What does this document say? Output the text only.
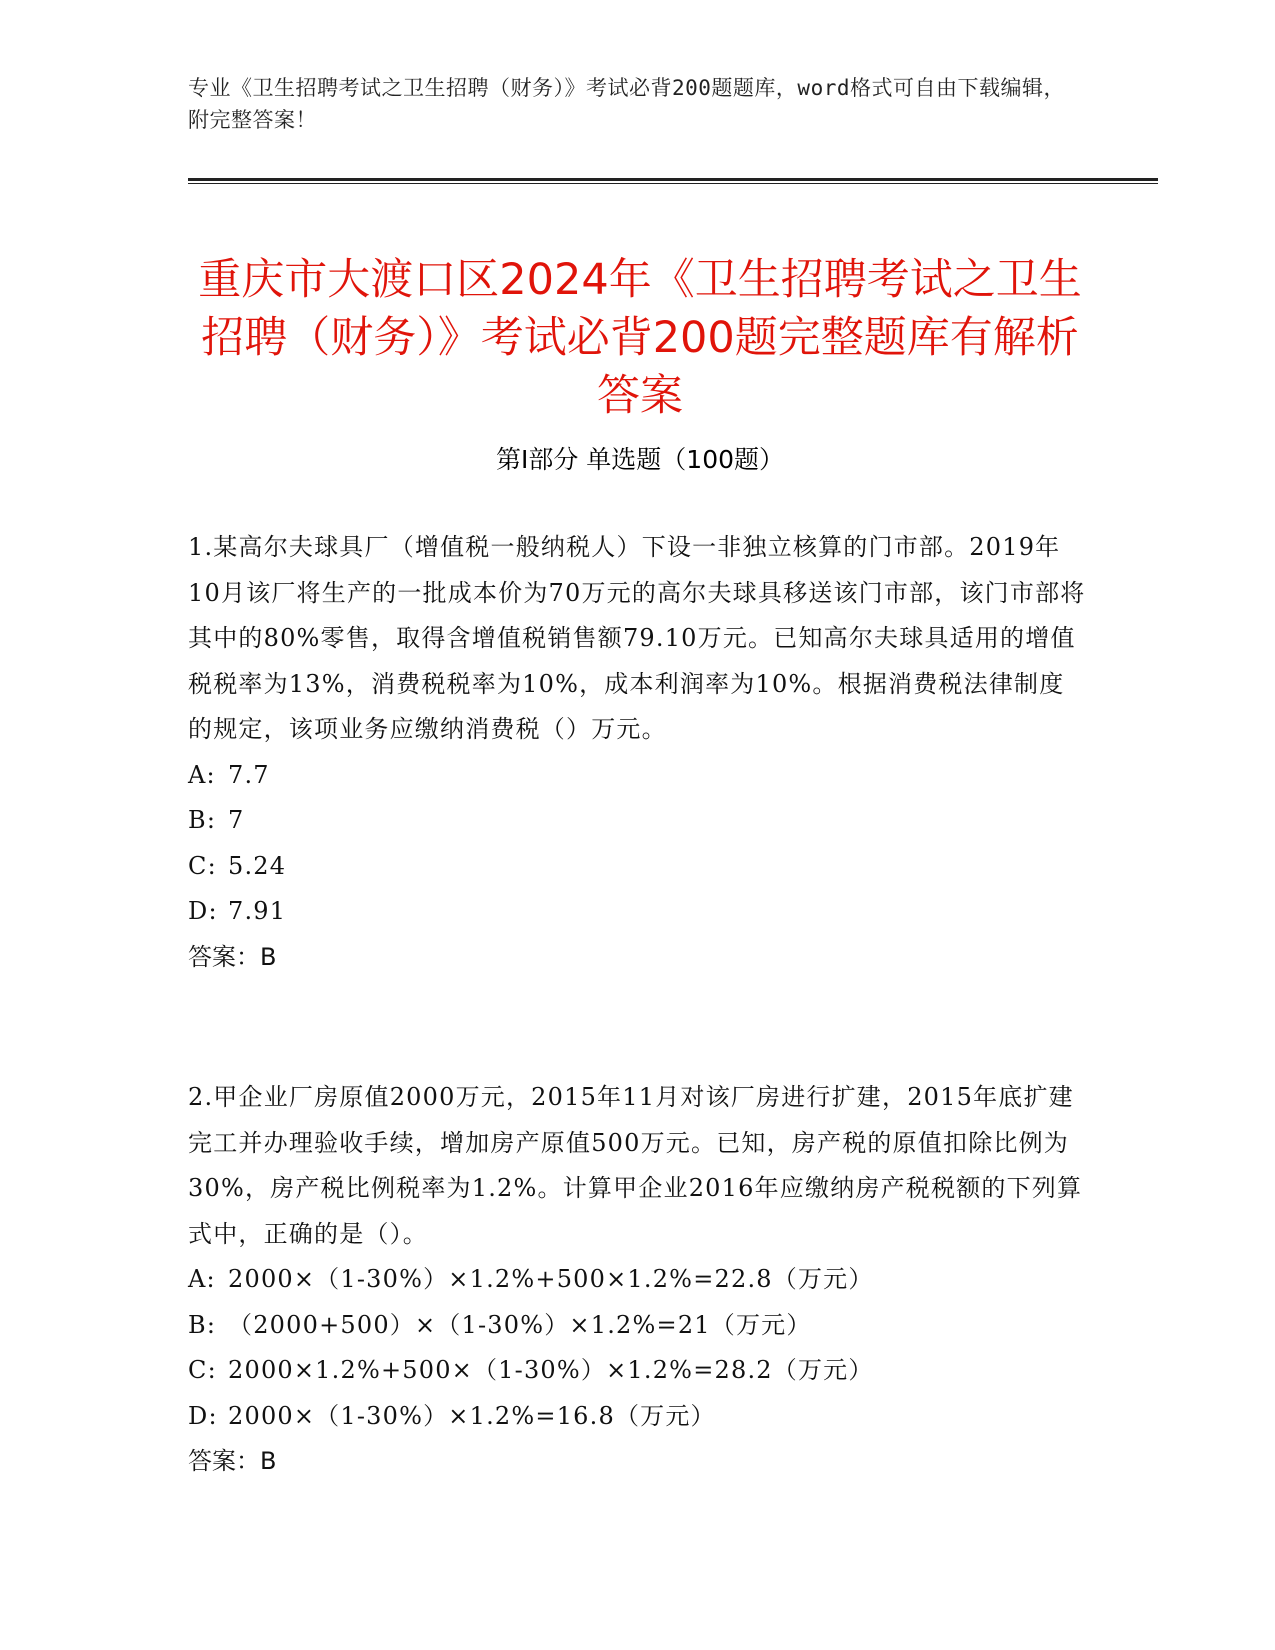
专业《卫生招聘考试之卫生招聘（财务）》考试必背200题题库，word格式可自由下载编辑，附完整答案！
重庆市大渡口区2024年《卫生招聘考试之卫生招聘（财务）》考试必背200题完整题库有解析答案
第Ⅰ部分 单选题（100题）

1.某高尔夫球具厂（增值税一般纳税人）下设一非独立核算的门市部。2019年10月该厂将生产的一批成本价为70万元的高尔夫球具移送该门市部，该门市部将其中的80%零售，取得含增值税销售额79.10万元。已知高尔夫球具适用的增值税税率为13%，消费税税率为10%，成本利润率为10%。根据消费税法律制度的规定，该项业务应缴纳消费税（）万元。

A: 7.7

B: 7

C: 5.24

D: 7.91

答案：B

2.甲企业厂房原值2000万元，2015年11月对该厂房进行扩建，2015年底扩建完工并办理验收手续，增加房产原值500万元。已知，房产税的原值扣除比例为30%，房产税比例税率为1.2%。计算甲企业2016年应缴纳房产税税额的下列算式中，正确的是（）。

A: 2000×（1-30%）×1.2%+500×1.2%=22.8（万元）

B: （2000+500）×（1-30%）×1.2%=21（万元）

C: 2000×1.2%+500×（1-30%）×1.2%=28.2（万元）

D: 2000×（1-30%）×1.2%=16.8（万元）

答案：B
